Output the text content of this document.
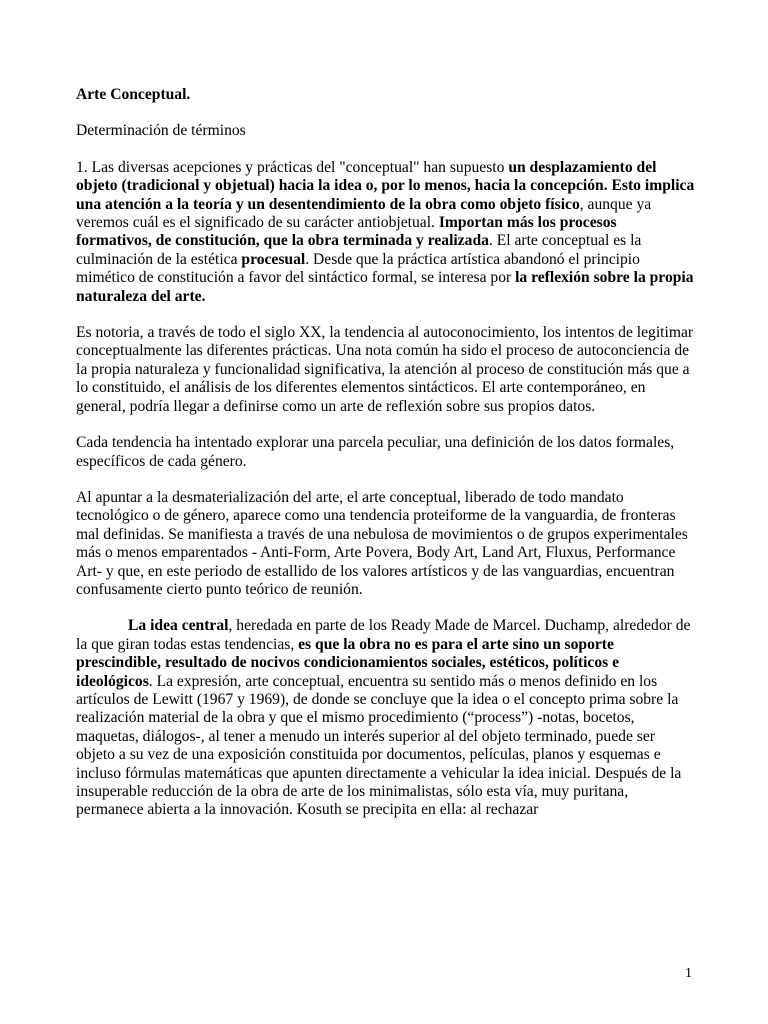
Arte Conceptual.

Determinación de términos

1. Las diversas acepciones y prácticas del "conceptual" han supuesto un desplazamiento del objeto (tradicional y objetual) hacia la idea o, por lo menos, hacia la concepción. Esto implica una atención a la teoría y un desentendimiento de la obra como objeto físico, aunque ya veremos cuál es el significado de su carácter antiobjetual. Importan más los procesos formativos, de constitución, que la obra terminada y realizada. El arte conceptual es la culminación de la estética procesual. Desde que la práctica artística abandonó el principio mimético de constitución a favor del sintáctico formal, se interesa por la reflexión sobre la propia naturaleza del arte.

Es notoria, a través de todo el siglo XX, la tendencia al autoconocimiento, los intentos de legitimar conceptualmente las diferentes prácticas. Una nota común ha sido el proceso de autoconciencia de la propia naturaleza y funcionalidad significativa, la atención al proceso de constitución más que a lo constituido, el análisis de los diferentes elementos sintácticos. El arte contemporáneo, en general, podría llegar a definirse como un arte de reflexión sobre sus propios datos.

Cada tendencia ha intentado explorar una parcela peculiar, una definición de los datos formales, específicos de cada género.

Al apuntar a la desmaterialización del arte, el arte conceptual, liberado de todo mandato tecnológico o de género, aparece como una tendencia proteiforme de la vanguardia, de fronteras mal definidas. Se manifiesta a través de una nebulosa de movimientos o de grupos experimentales más o menos emparentados - Anti-Form, Arte Povera, Body Art, Land Art, Fluxus, Performance Art- y que, en este periodo de estallido de los valores artísticos y de las vanguardias, encuentran confusamente cierto punto teórico de reunión.

La idea central, heredada en parte de los Ready Made de Marcel. Duchamp, alrededor de la que giran todas estas tendencias, es que la obra no es para el arte sino un soporte prescindible, resultado de nocivos condicionamientos sociales, estéticos, políticos e ideológicos. La expresión, arte conceptual, encuentra su sentido más o menos definido en los artículos de Lewitt (1967 y 1969), de donde se concluye que la idea o el concepto prima sobre la realización material de la obra y que el mismo procedimiento (“process”) -notas, bocetos, maquetas, diálogos-, al tener a menudo un interés superior al del objeto terminado, puede ser objeto a su vez de una exposición constituida por documentos, películas, planos y esquemas e incluso fórmulas matemáticas que apunten directamente a vehicular la idea inicial. Después de la insuperable reducción de la obra de arte de los minimalistas, sólo esta vía, muy puritana, permanece abierta a la innovación. Kosuth se precipita en ella: al rechazar

1
